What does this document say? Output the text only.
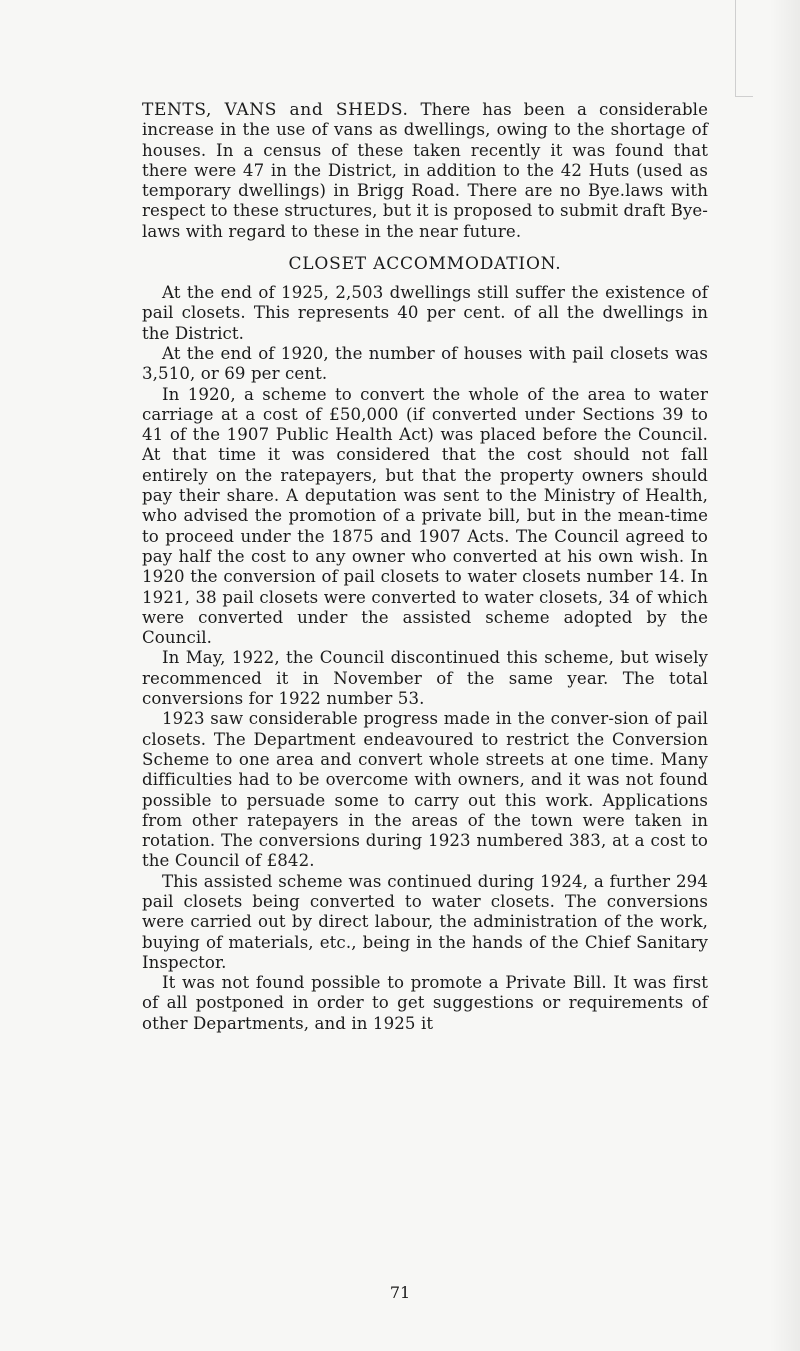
TENTS, VANS and SHEDS. There has been a considerable increase in the use of vans as dwellings, owing to the shortage of houses. In a census of these taken recently it was found that there were 47 in the District, in addition to the 42 Huts (used as temporary dwellings) in Brigg Road. There are no Bye.laws with respect to these structures, but it is proposed to submit draft Bye-laws with regard to these in the near future.

CLOSET ACCOMMODATION.

At the end of 1925, 2,503 dwellings still suffer the existence of pail closets. This represents 40 per cent. of all the dwellings in the District.

At the end of 1920, the number of houses with pail closets was 3,510, or 69 per cent.

In 1920, a scheme to convert the whole of the area to water carriage at a cost of £50,000 (if converted under Sections 39 to 41 of the 1907 Public Health Act) was placed before the Council. At that time it was considered that the cost should not fall entirely on the ratepayers, but that the property owners should pay their share. A deputation was sent to the Ministry of Health, who advised the promotion of a private bill, but in the mean-time to proceed under the 1875 and 1907 Acts. The Council agreed to pay half the cost to any owner who converted at his own wish. In 1920 the conversion of pail closets to water closets number 14. In 1921, 38 pail closets were converted to water closets, 34 of which were converted under the assisted scheme adopted by the Council.

In May, 1922, the Council discontinued this scheme, but wisely recommenced it in November of the same year. The total conversions for 1922 number 53.

1923 saw considerable progress made in the conver-sion of pail closets. The Department endeavoured to restrict the Conversion Scheme to one area and convert whole streets at one time. Many difficulties had to be overcome with owners, and it was not found possible to persuade some to carry out this work. Applications from other ratepayers in the areas of the town were taken in rotation. The conversions during 1923 numbered 383, at a cost to the Council of £842.

This assisted scheme was continued during 1924, a further 294 pail closets being converted to water closets. The conversions were carried out by direct labour, the administration of the work, buying of materials, etc., being in the hands of the Chief Sanitary Inspector.

It was not found possible to promote a Private Bill. It was first of all postponed in order to get suggestions or requirements of other Departments, and in 1925 it

71
